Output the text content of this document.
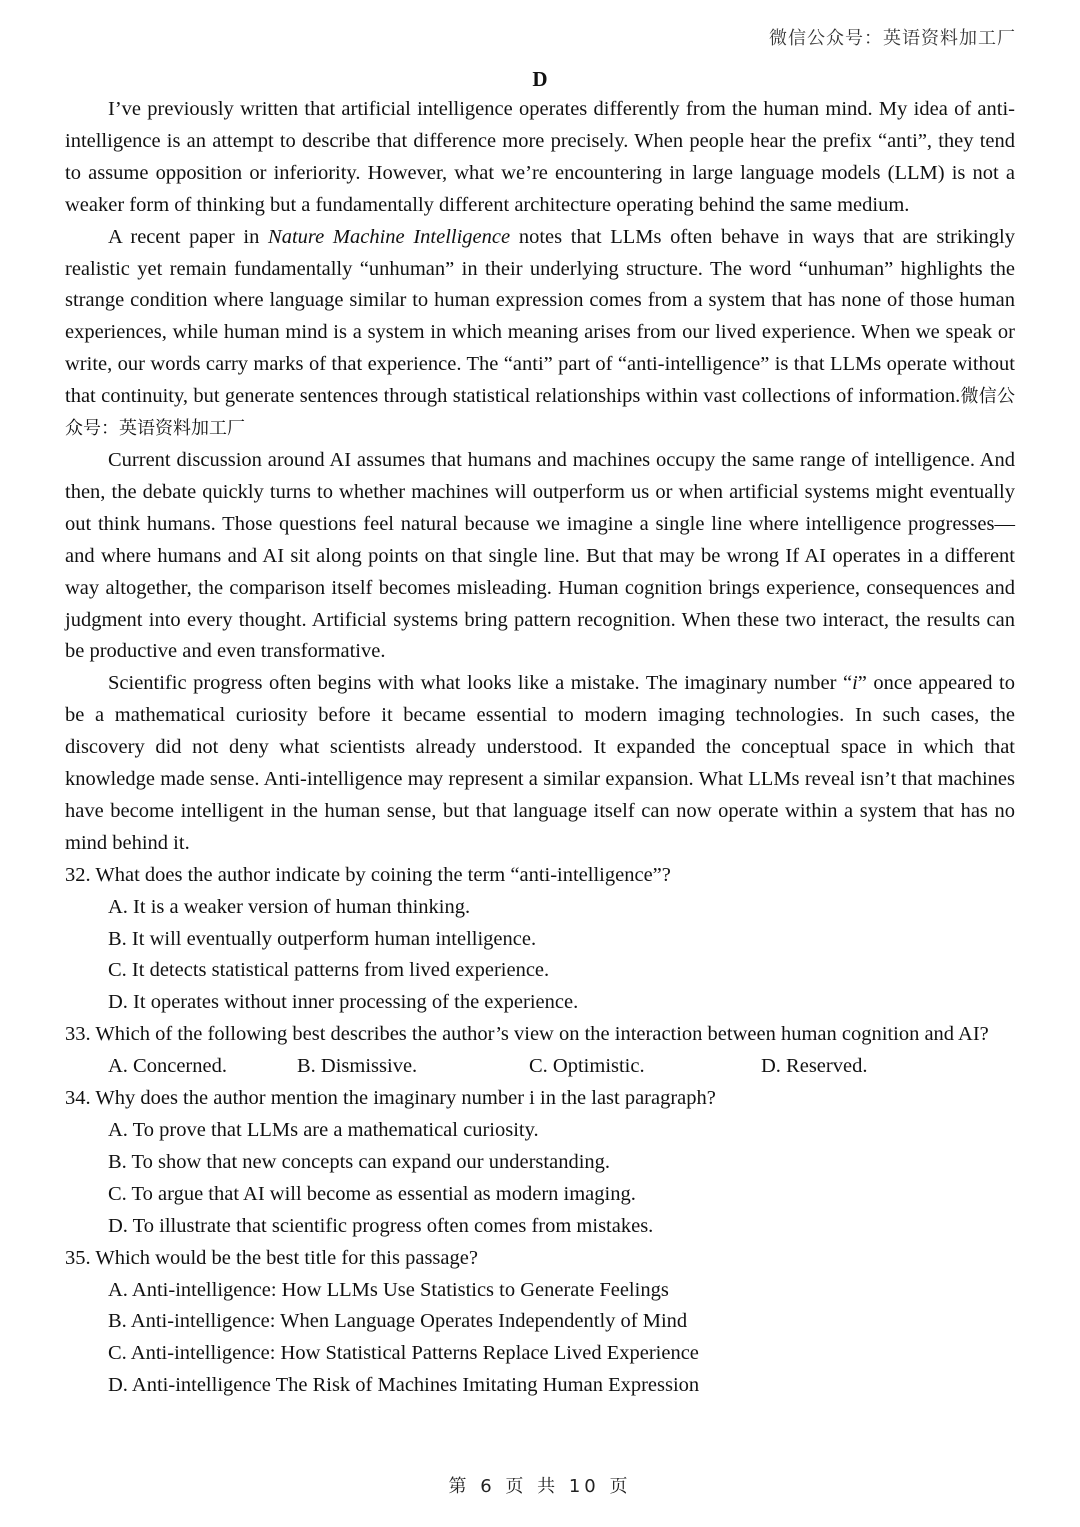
微信公众号：英语资料加工厂

D

I’ve previously written that artificial intelligence operates differently from the human mind. My idea of anti-intelligence is an attempt to describe that difference more precisely. When people hear the prefix “anti”, they tend to assume opposition or inferiority. However, what we’re encountering in large language models (LLM) is not a weaker form of thinking but a fundamentally different architecture operating behind the same medium.

A recent paper in Nature Machine Intelligence notes that LLMs often behave in ways that are strikingly realistic yet remain fundamentally “unhuman” in their underlying structure. The word “unhuman” highlights the strange condition where language similar to human expression comes from a system that has none of those human experiences, while human mind is a system in which meaning arises from our lived experience. When we speak or write, our words carry marks of that experience. The “anti” part of “anti-intelligence” is that LLMs operate without that continuity, but generate sentences through statistical relationships within vast collections of information.微信公众号：英语资料加工厂

Current discussion around AI assumes that humans and machines occupy the same range of intelligence. And then, the debate quickly turns to whether machines will outperform us or when artificial systems might eventually out think humans. Those questions feel natural because we imagine a single line where intelligence progresses—and where humans and AI sit along points on that single line. But that may be wrong If AI operates in a different way altogether, the comparison itself becomes misleading. Human cognition brings experience, consequences and judgment into every thought. Artificial systems bring pattern recognition. When these two interact, the results can be productive and even transformative.

Scientific progress often begins with what looks like a mistake. The imaginary number “i” once appeared to be a mathematical curiosity before it became essential to modern imaging technologies. In such cases, the discovery did not deny what scientists already understood. It expanded the conceptual space in which that knowledge made sense. Anti-intelligence may represent a similar expansion. What LLMs reveal isn’t that machines have become intelligent in the human sense, but that language itself can now operate within a system that has no mind behind it.

32. What does the author indicate by coining the term “anti-intelligence”?

A. It is a weaker version of human thinking.

B. It will eventually outperform human intelligence.

C. It detects statistical patterns from lived experience.

D. It operates without inner processing of the experience.

33. Which of the following best describes the author’s view on the interaction between human cognition and AI?

A. Concerned.	B. Dismissive.	C. Optimistic.	D. Reserved.

34. Why does the author mention the imaginary number i in the last paragraph?

A. To prove that LLMs are a mathematical curiosity.

B. To show that new concepts can expand our understanding.

C. To argue that AI will become as essential as modern imaging.

D. To illustrate that scientific progress often comes from mistakes.

35. Which would be the best title for this passage?

A. Anti-intelligence: How LLMs Use Statistics to Generate Feelings

B. Anti-intelligence: When Language Operates Independently of Mind

C. Anti-intelligence: How Statistical Patterns Replace Lived Experience

D. Anti-intelligence The Risk of Machines Imitating Human Expression

第 6 页 共 10 页
